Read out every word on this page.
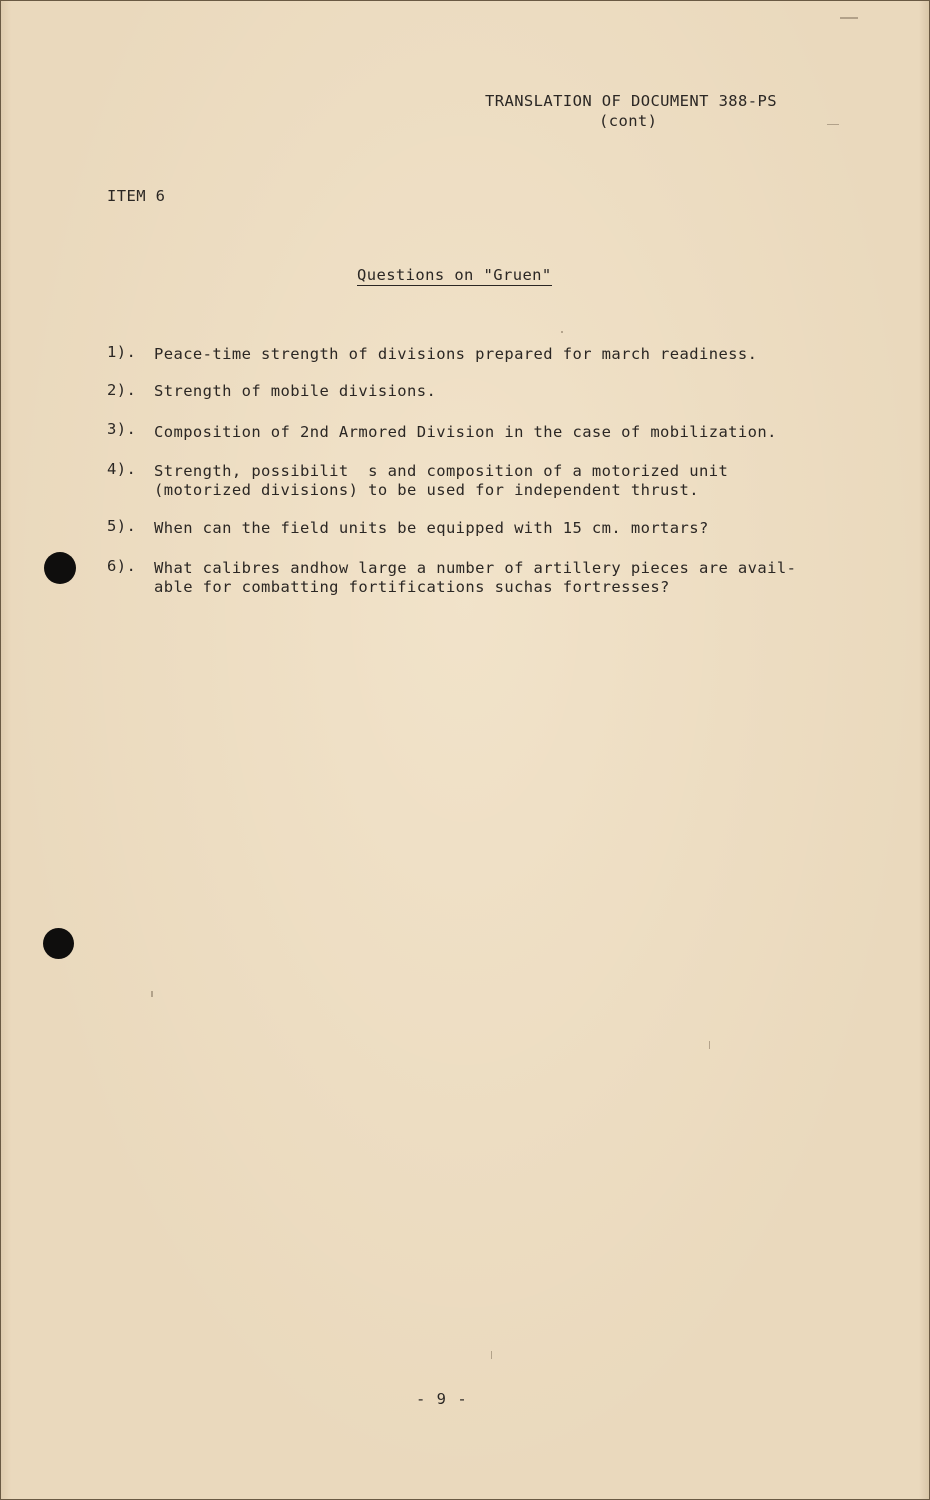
TRANSLATION OF DOCUMENT 388-PS
(cont)
ITEM 6
Questions on "Gruen"
1). Peace-time strength of divisions prepared for march readiness.
2). Strength of mobile divisions.
3). Composition of 2nd Armored Division in the case of mobilization.
4). Strength, possibilit  s and composition of a motorized unit
(motorized divisions) to be used for independent thrust.
5). When can the field units be equipped with 15 cm. mortars?
6). What calibres andhow large a number of artillery pieces are avail-
able for combatting fortifications suchas fortresses?
- 9 -
